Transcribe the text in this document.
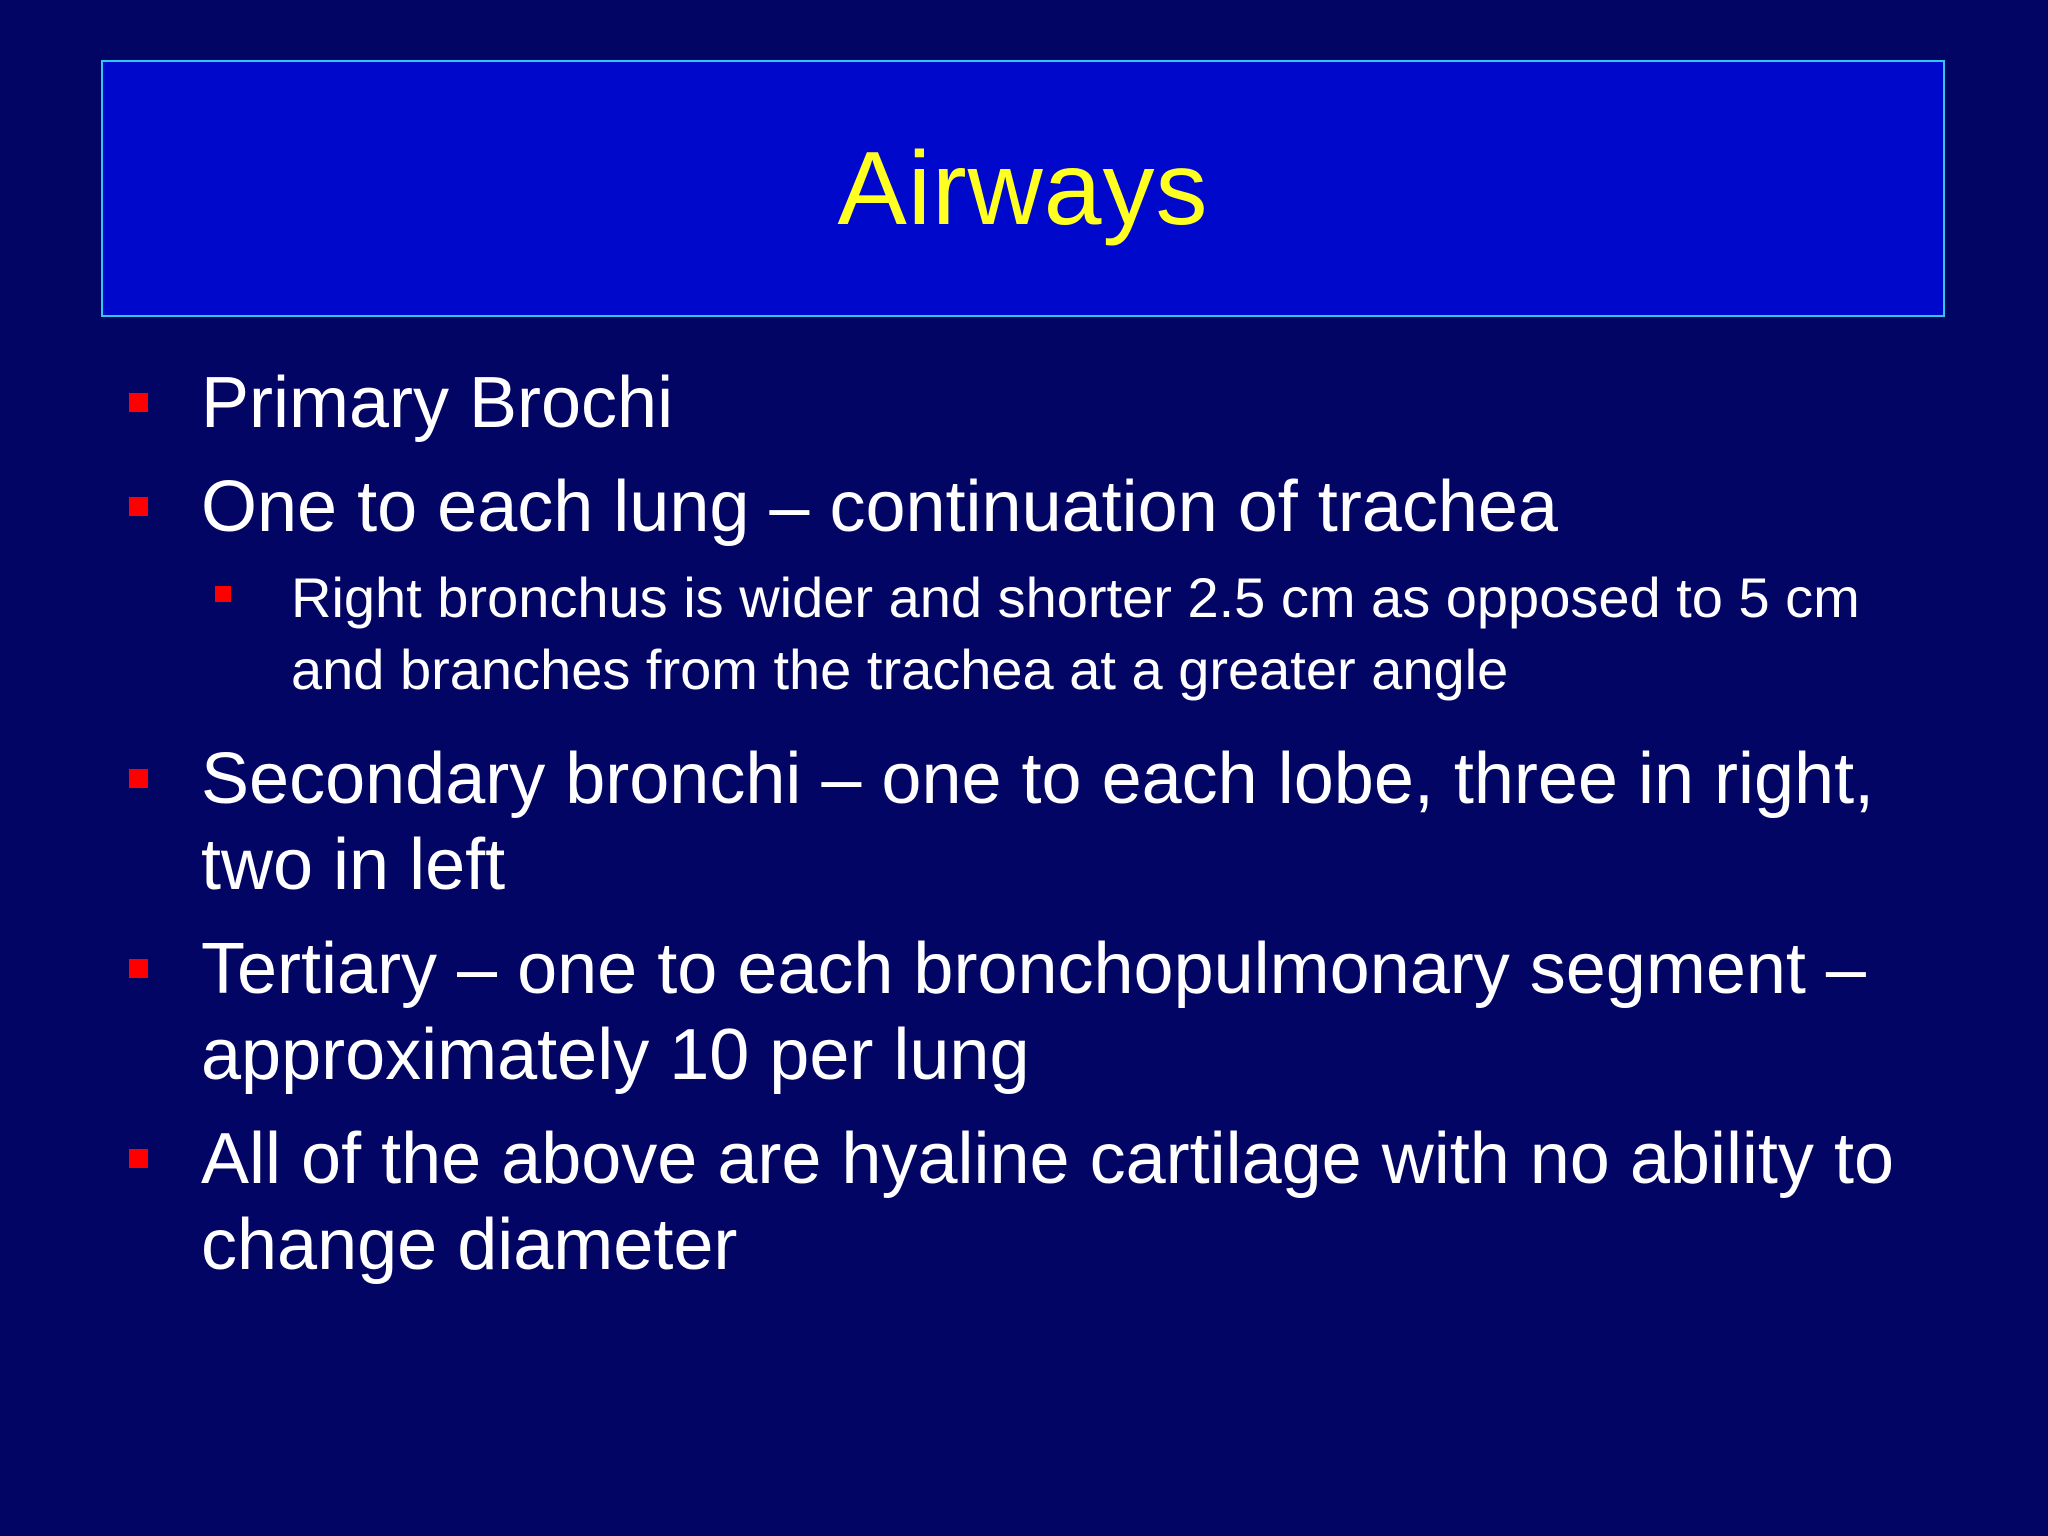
Airways
Primary Brochi
One to each lung – continuation of trachea
Right bronchus is wider and shorter 2.5 cm as opposed to 5 cm and branches from the trachea at a greater angle
Secondary bronchi – one to each lobe, three in right, two in left
Tertiary – one to each bronchopulmonary segment – approximately 10 per lung
All of the above are hyaline cartilage with no ability to change diameter
